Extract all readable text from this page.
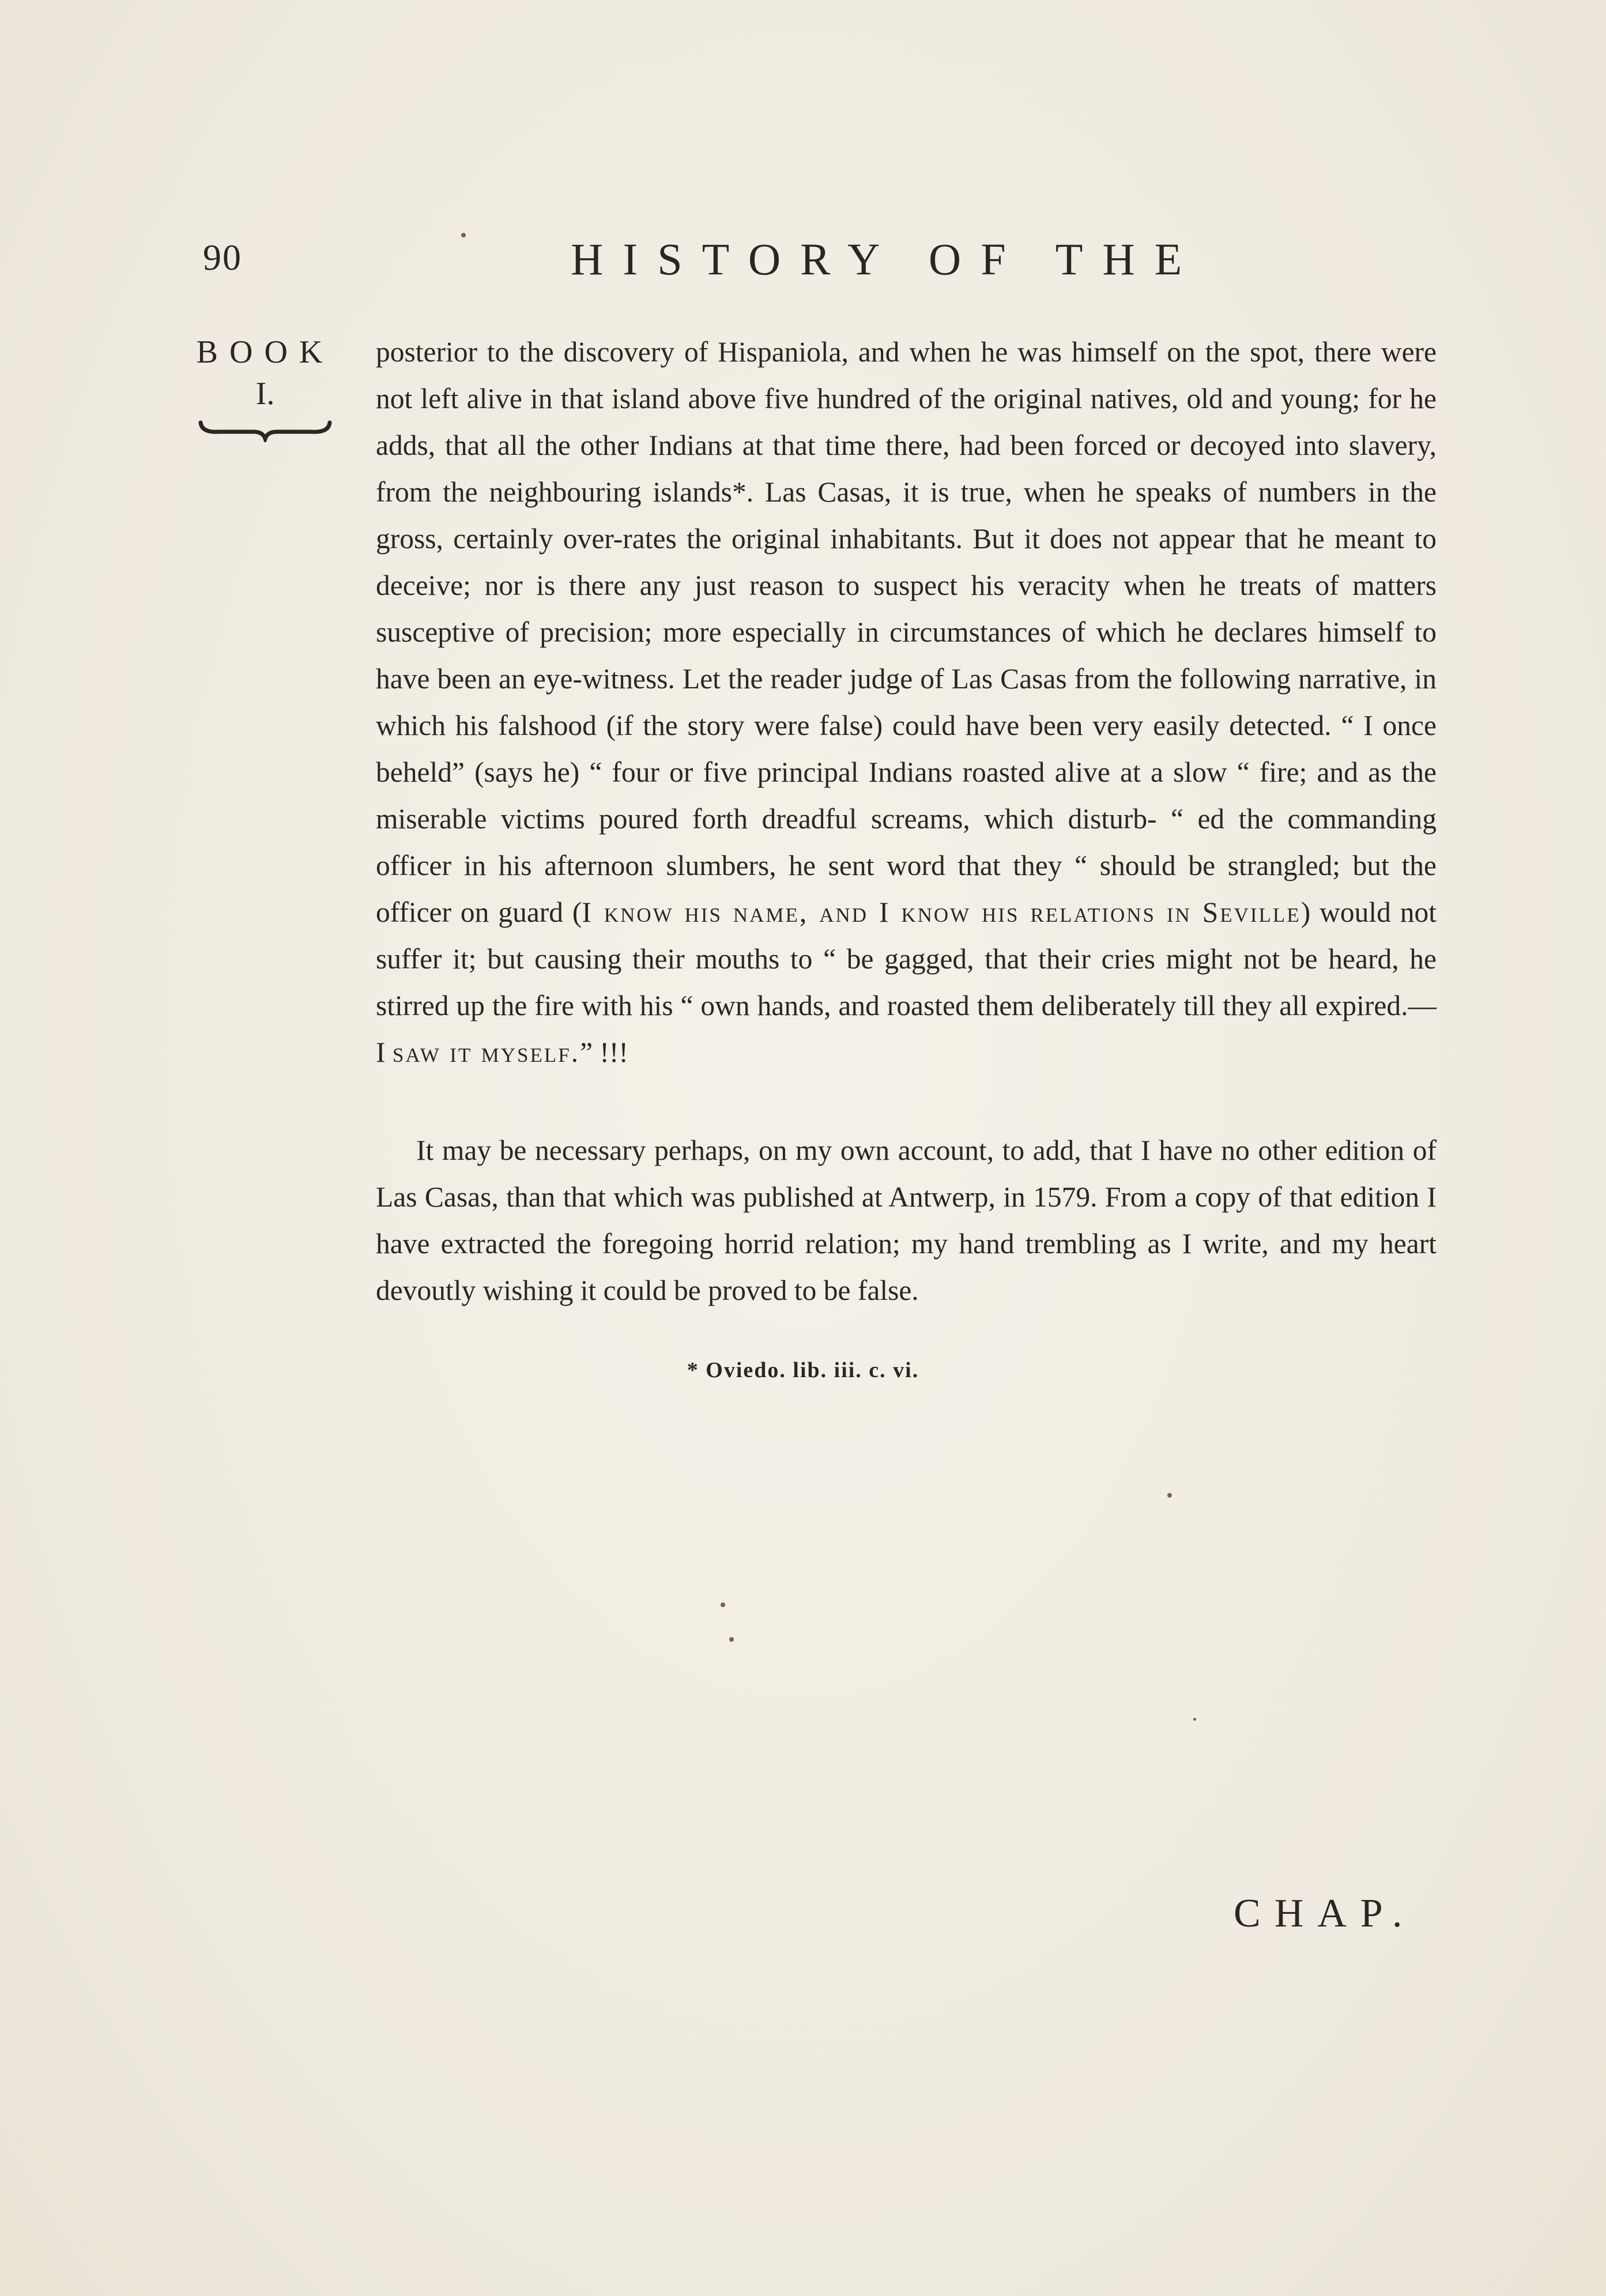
90	HISTORY OF THE
BOOK
I.

posterior to the discovery of Hispaniola, and when he was himself on the spot, there were not left alive in that island above five hundred of the original natives, old and young; for he adds, that all the other Indians at that time there, had been forced or decoyed into slavery, from the neighbouring islands*. Las Casas, it is true, when he speaks of numbers in the gross, certainly over-rates the original inhabitants. But it does not appear that he meant to deceive; nor is there any just reason to suspect his veracity when he treats of matters susceptive of precision; more especially in circumstances of which he declares himself to have been an eye-witness. Let the reader judge of Las Casas from the following narrative, in which his falshood (if the story were false) could have been very easily detected. “ I once beheld” (says he) “ four or five principal Indians roasted alive at a slow “ fire; and as the miserable victims poured forth dreadful screams, which disturb- “ ed the commanding officer in his afternoon slumbers, he sent word that they “ should be strangled; but the officer on guard (I know his name, and I know his relations in Seville) would not suffer it; but causing their mouths to “ be gagged, that their cries might not be heard, he stirred up the fire with his “ own hands, and roasted them deliberately till they all expired.—I saw it myself.” !!!

It may be necessary perhaps, on my own account, to add, that I have no other edition of Las Casas, than that which was published at Antwerp, in 1579. From a copy of that edition I have extracted the foregoing horrid relation; my hand trembling as I write, and my heart devoutly wishing it could be proved to be false.
* Oviedo. lib. iii. c. vi.
CHAP.
